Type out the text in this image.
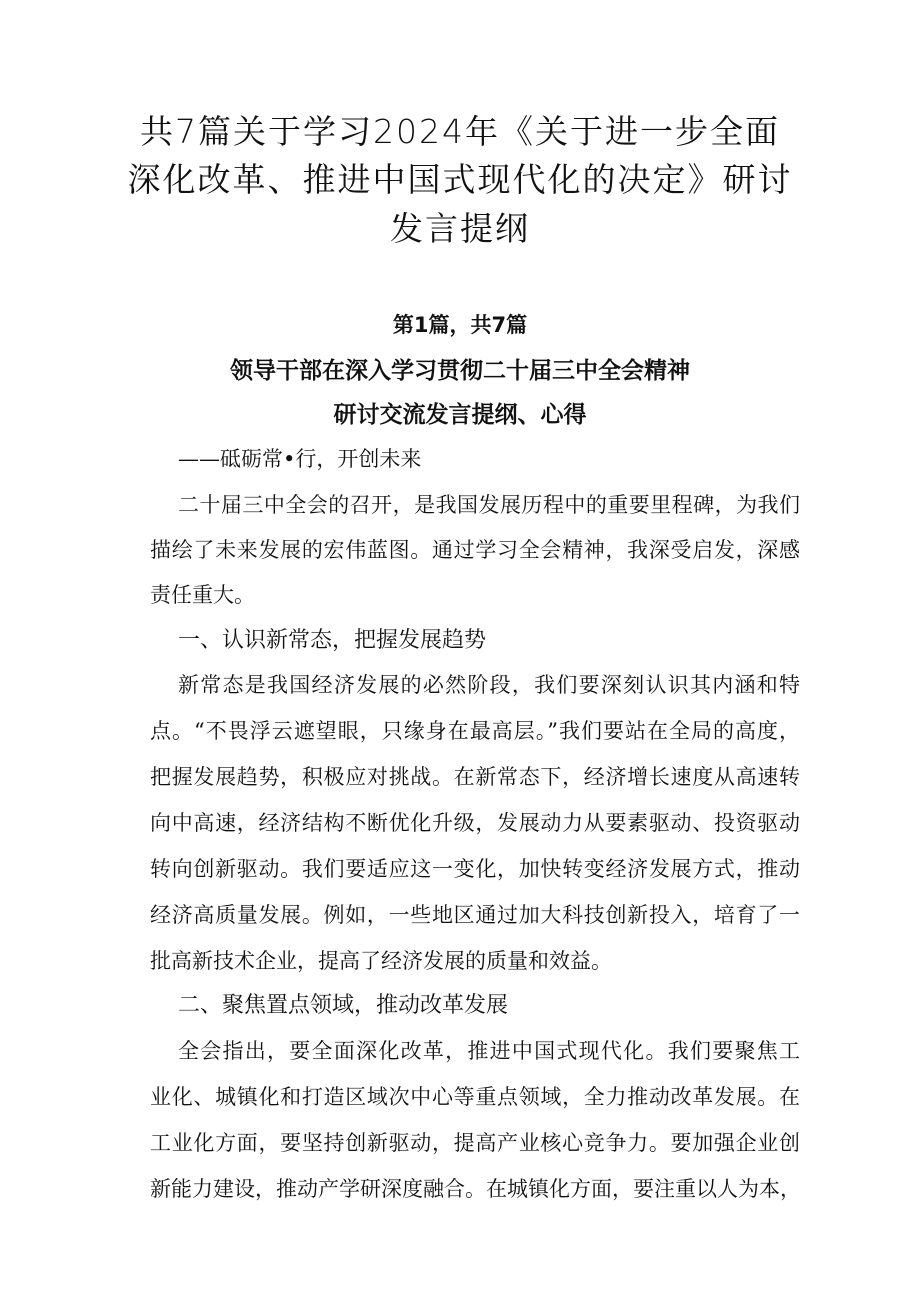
共7篇关于学习2024年《关于进一步全面
深化改革、推进中国式现代化的决定》研讨
发言提纲
第1篇，共7篇
领导干部在深入学习贯彻二十届三中全会精神
研讨交流发言提纲、心得
——砥砺常•行，开创未来
二十届三中全会的召开，是我国发展历程中的重要里程碑，为我们
描绘了未来发展的宏伟蓝图。通过学习全会精神，我深受启发，深感
责任重大。
一、认识新常态，把握发展趋势
新常态是我国经济发展的必然阶段，我们要深刻认识其内涵和特
点。“不畏浮云遮望眼，只缘身在最高层。”我们要站在全局的高度，
把握发展趋势，积极应对挑战。在新常态下，经济增长速度从高速转
向中高速，经济结构不断优化升级，发展动力从要素驱动、投资驱动
转向创新驱动。我们要适应这一变化，加快转变经济发展方式，推动
经济高质量发展。例如，一些地区通过加大科技创新投入，培育了一
批高新技术企业，提高了经济发展的质量和效益。
二、聚焦置点领域，推动改革发展
全会指出，要全面深化改革，推进中国式现代化。我们要聚焦工
业化、城镇化和打造区域次中心等重点领域，全力推动改革发展。在
工业化方面，要坚持创新驱动，提高产业核心竞争力。要加强企业创
新能力建设，推动产学研深度融合。在城镇化方面，要注重以人为本，
